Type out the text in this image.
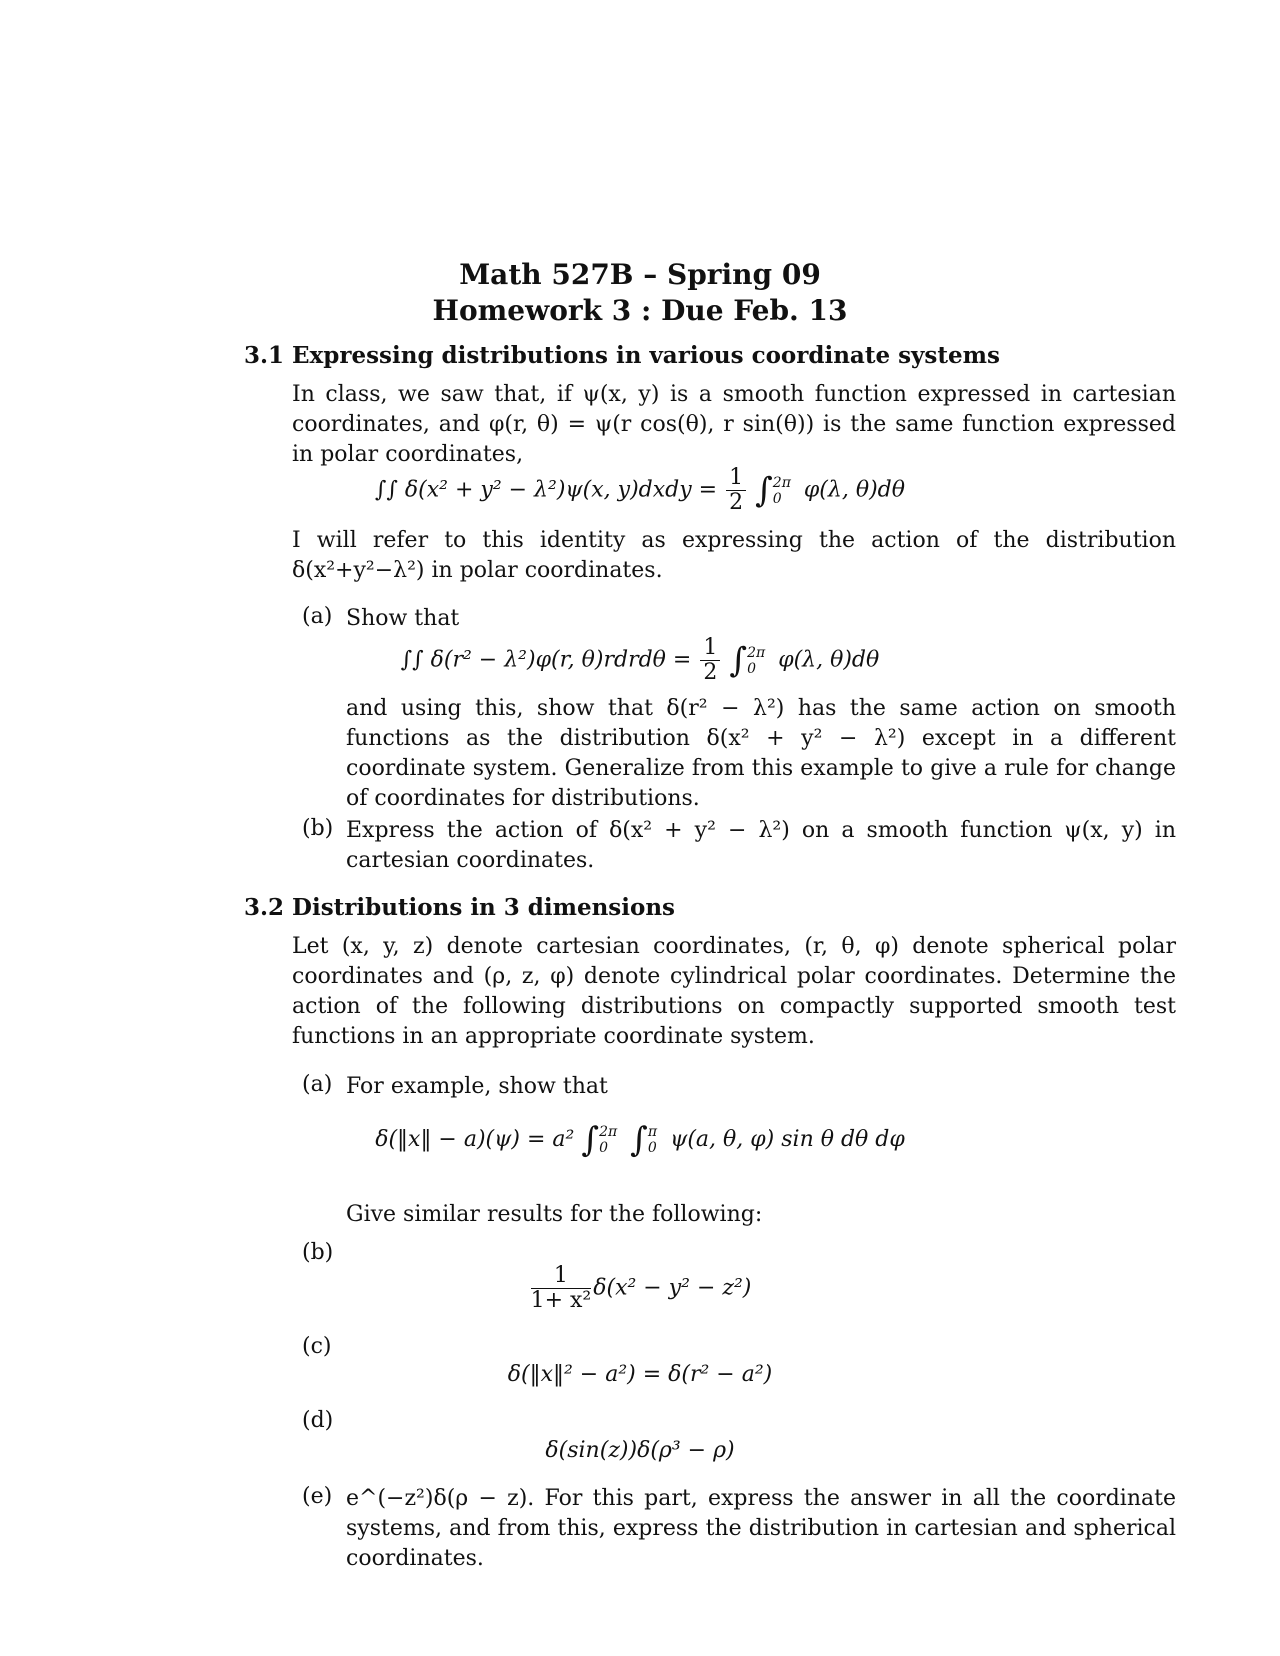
Math 527B – Spring 09
Homework 3 : Due Feb. 13
3.1 Expressing distributions in various coordinate systems
In class, we saw that, if ψ(x, y) is a smooth function expressed in cartesian coordinates, and φ(r, θ) = ψ(r cos(θ), r sin(θ)) is the same function expressed in polar coordinates,
∫∫ δ(x² + y² − λ²)ψ(x, y)dxdy = $\frac{1}{2}$ ∫ 2π
0	φ(λ, θ)dθ
I will refer to this identity as expressing the action of the distribution δ(x²+y²−λ²) in polar coordinates.
(a) Show that
∫∫ δ(r² − λ²)φ(r, θ)rdrdθ = $\frac{1}{2}$ ∫ 2π
0	φ(λ, θ)dθ
and using this, show that δ(r² − λ²) has the same action on smooth functions as the distribution δ(x² + y² − λ²) except in a different coordinate system. Generalize from this example to give a rule for change of coordinates for distributions.
(b) Express the action of δ(x² + y² − λ²) on a smooth function ψ(x, y) in cartesian coordinates.
3.2 Distributions in 3 dimensions
Let (x, y, z) denote cartesian coordinates, (r, θ, φ) denote spherical polar coordinates and (ρ, z, φ) denote cylindrical polar coordinates. Determine the action of the following distributions on compactly supported smooth test functions in an appropriate coordinate system.
(a) For example, show that
δ(‖x‖ − a)(ψ) = a² ∫ 2π
0 ∫ π
0 ψ(a, θ, φ) sin θ dθ dφ
Give similar results for the following:
(b)
$\frac{1}{\text{1+ x²}} \delta(x^2 - y^2 - z^2)$
(c)
δ(‖x‖² − a²) = δ(r² − a²)
(d)
δ(sin(z))δ(ρ³ − ρ)
(e) e^(−z²)δ(ρ − z). For this part, express the answer in all the coordinate systems, and from this, express the distribution in cartesian and spherical coordinates.
